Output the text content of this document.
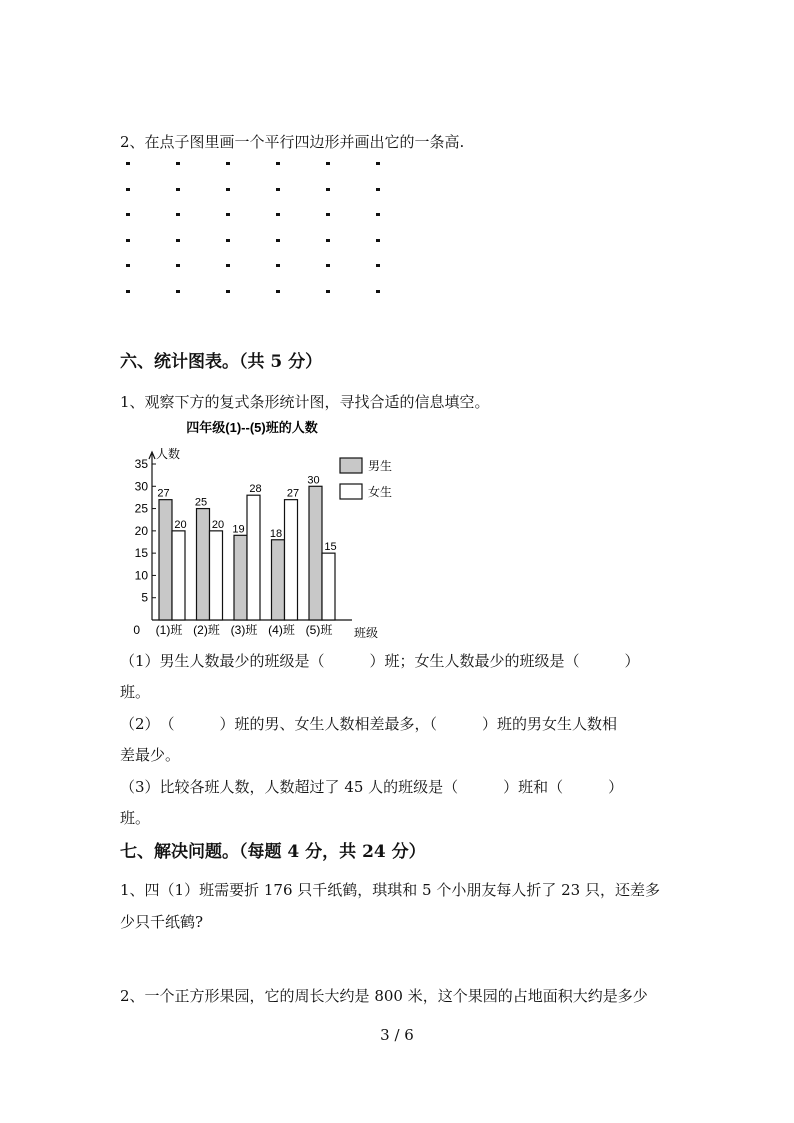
2、在点子图里画一个平行四边形并画出它的一条高.
六、统计图表。（共 5 分）
1、观察下方的复式条形统计图，寻找合适的信息填空。
四年级(1)--(5)班的人数
人数
班级
0
5
10
15
20
25
30
35
27
20
25
20 19
28
18
27
30
15
(1)班 (2)班 (3)班 (4)班 (5)班
男生
女生
（1）男生人数最少的班级是（　　　）班；女生人数最少的班级是（　　　）
班。
（2）　（　　　）班的男、女生人数相差最多，（　　　）班的男女生人数相
差最少。
（3）比较各班人数，人数超过了 45 人的班级是（　　　）班和（　　　）
班。
七、解决问题。（每题 4 分，共 24 分）
1、四（1）班需要折 176 只千纸鹤，琪琪和 5 个小朋友每人折了 23 只，还差多
少只千纸鹤?
2、一个正方形果园，它的周长大约是 800 米，这个果园的占地面积大约是多少
3 / 6
